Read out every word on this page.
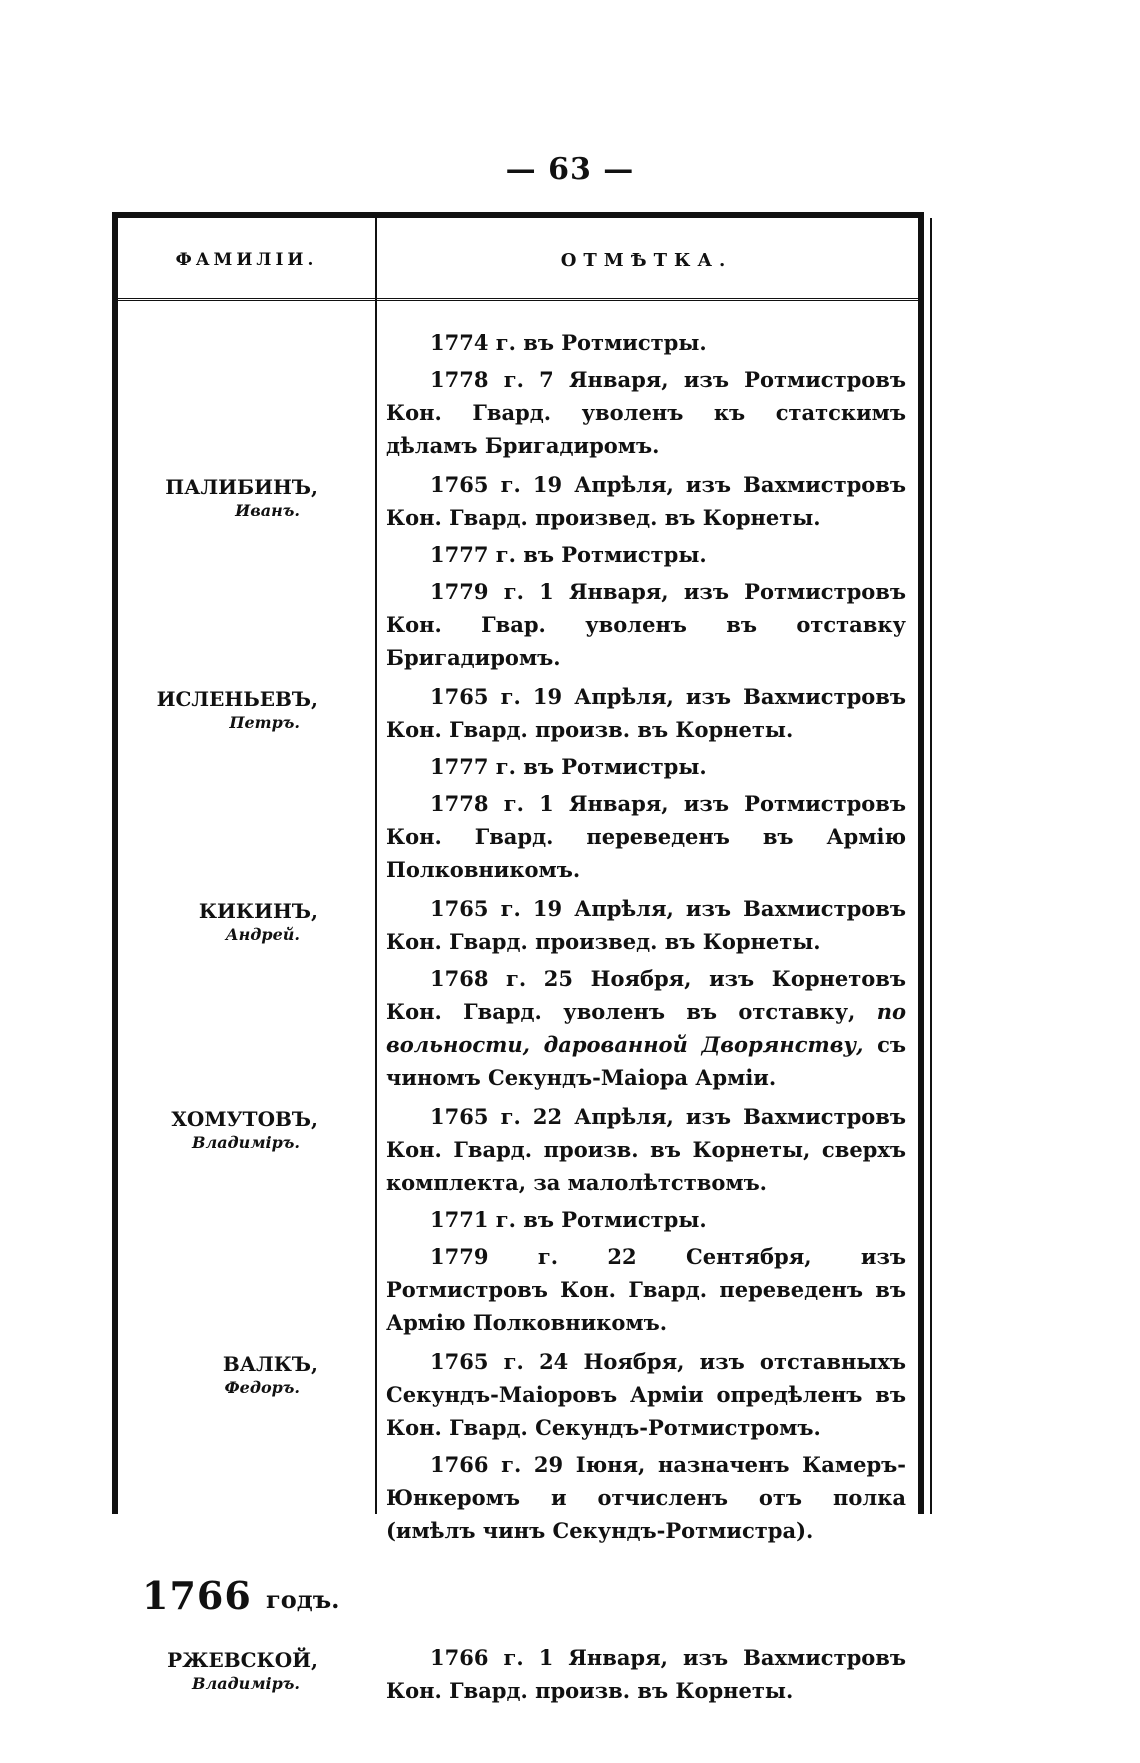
— 63 —
ФАМИЛІИ.	ОТМѢТКА.

1774 г. въ Ротмистры.

1778 г. 7 Января, изъ Ротмистровъ Кон. Гвард. уволенъ къ статскимъ дѣламъ Бригадиромъ.

ПАЛИБИНЪ,
Иванъ.

1765 г. 19 Апрѣля, изъ Вахмистровъ Кон. Гвард. произвед. въ Корнеты.

1777 г. въ Ротмистры.

1779 г. 1 Января, изъ Ротмистровъ Кон. Гвар. уволенъ въ отставку Бригадиромъ.

ИСЛЕНЬЕВЪ,
Петръ.

1765 г. 19 Апрѣля, изъ Вахмистровъ Кон. Гвард. произв. въ Корнеты.

1777 г. въ Ротмистры.

1778 г. 1 Января, изъ Ротмистровъ Кон. Гвард. переведенъ въ Армію Полковникомъ.

КИКИНЪ,
Андрей.

1765 г. 19 Апрѣля, изъ Вахмистровъ Кон. Гвард. произвед. въ Корнеты.

1768 г. 25 Ноября, изъ Корнетовъ Кон. Гвард. уволенъ въ отставку, по вольности, дарованной Дворянству, съ чиномъ Секундъ-Маіора Арміи.

ХОМУТОВЪ,
Владиміръ.

1765 г. 22 Апрѣля, изъ Вахмистровъ Кон. Гвард. произв. въ Корнеты, сверхъ комплекта, за малолѣтствомъ.

1771 г. въ Ротмистры.

1779 г. 22 Сентября, изъ Ротмистровъ Кон. Гвард. переведенъ въ Армію Полковникомъ.

ВАЛКЪ,
Федоръ.

1765 г. 24 Ноября, изъ отставныхъ Секундъ-Маіоровъ Арміи опредѣленъ въ Кон. Гвард. Секундъ-Ротмистромъ.

1766 г. 29 Іюня, назначенъ Камеръ-Юнкеромъ и отчисленъ отъ полка (имѣлъ чинъ Секундъ-Ротмистра).

1766 годъ.
РЖЕВСКОЙ,
Владиміръ.

1766 г. 1 Января, изъ Вахмистровъ Кон. Гвард. произв. въ Корнеты.
